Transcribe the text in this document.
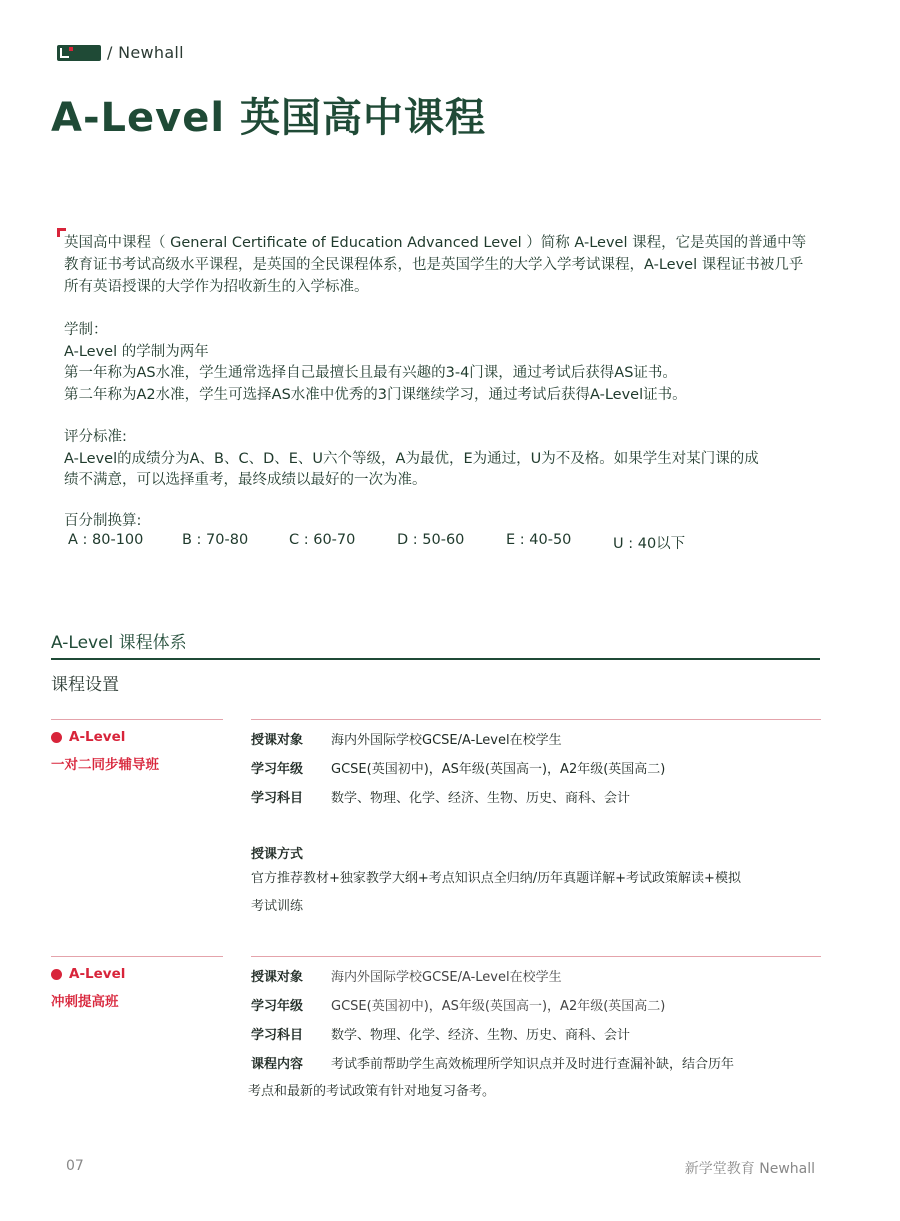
/ Newhall
A-Level 英国高中课程

英国高中课程（ General Certificate of Education Advanced Level ）简称 A-Level 课程，它是英国的普通中等教育证书考试高级水平课程，是英国的全民课程体系，也是英国学生的大学入学考试课程，A-Level 课程证书被几乎所有英语授课的大学作为招收新生的入学标准。

学制：

A-Level 的学制为两年

第一年称为AS水准，学生通常选择自己最擅长且最有兴趣的3-4门课，通过考试后获得AS证书。

第二年称为A2水准，学生可选择AS水准中优秀的3门课继续学习，通过考试后获得A-Level证书。

评分标准:

A-Level的成绩分为A、B、C、D、E、U六个等级，A为最优，E为通过，U为不及格。如果学生对某门课的成

绩不满意，可以选择重考，最终成绩以最好的一次为准。

百分制换算:

A : 80-100	B : 70-80	C : 60-70	D : 50-60	E : 40-50	U : 40以下
A-Level 课程体系
课程设置
A-Level
一对二同步辅导班
授课对象	海内外国际学校GCSE/A-Level在校学生
学习年级	GCSE(英国初中)，AS年级(英国高一)，A2年级(英国高二)
学习科目	数学、物理、化学、经济、生物、历史、商科、会计
授课方式

官方推荐教材+独家教学大纲+考点知识点全归纳/历年真题详解+考试政策解读+模拟

考试训练

A-Level
冲刺提高班
授课对象	海内外国际学校GCSE/A-Level在校学生
学习年级	GCSE(英国初中)，AS年级(英国高一)，A2年级(英国高二)
学习科目	数学、物理、化学、经济、生物、历史、商科、会计
课程内容	考试季前帮助学生高效梳理所学知识点并及时进行查漏补缺，结合历年
考点和最新的考试政策有针对地复习备考。
07	新学堂教育 Newhall
